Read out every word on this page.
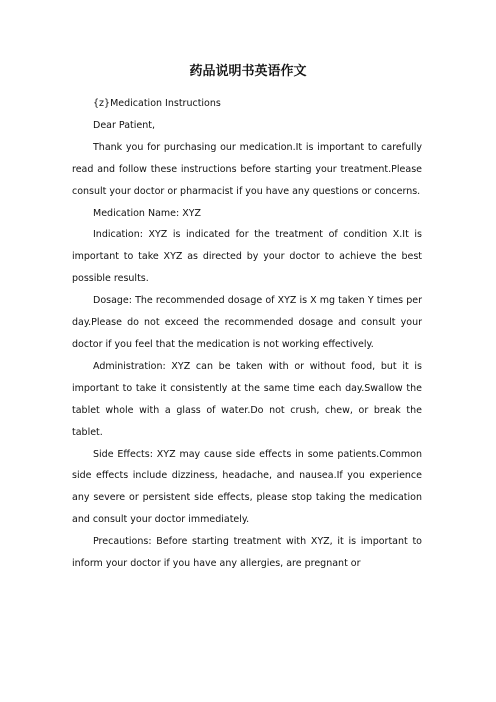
药品说明书英语作文

{z}Medication Instructions

Dear Patient,

Thank you for purchasing our medication.It is important to carefully read and follow these instructions before starting your treatment.Please consult your doctor or pharmacist if you have any questions or concerns.

Medication Name: XYZ

Indication: XYZ is indicated for the treatment of condition X.It is important to take XYZ as directed by your doctor to achieve the best possible results.

Dosage: The recommended dosage of XYZ is X mg taken Y times per day.Please do not exceed the recommended dosage and consult your doctor if you feel that the medication is not working effectively.

Administration: XYZ can be taken with or without food, but it is important to take it consistently at the same time each day.Swallow the tablet whole with a glass of water.Do not crush, chew, or break the tablet.

Side Effects: XYZ may cause side effects in some patients.Common side effects include dizziness, headache, and nausea.If you experience any severe or persistent side effects, please stop taking the medication and consult your doctor immediately.

Precautions: Before starting treatment with XYZ, it is important to inform your doctor if you have any allergies, are pregnant or
